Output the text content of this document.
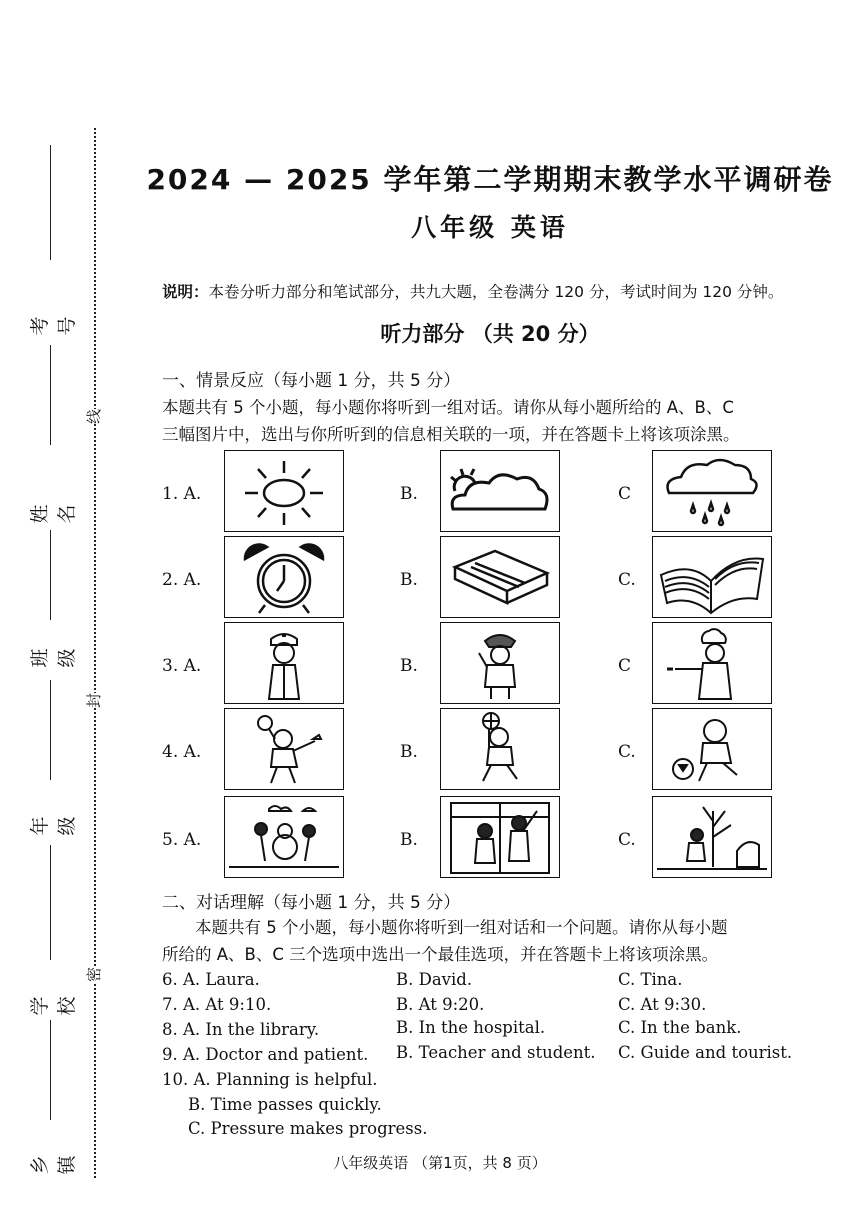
考号
姓名
班级
年级
学校
乡镇
线
封
密
2024 — 2025 学年第二学期期末教学水平调研卷
八年级 英语
说明：本卷分听力部分和笔试部分，共九大题，全卷满分 120 分，考试时间为 120 分钟。
听力部分 （共 20 分）
一、情景反应（每小题 1 分，共 5 分）
本题共有 5 个小题，每小题你将听到一组对话。请你从每小题所给的 A、B、C
三幅图片中，选出与你所听到的信息相关联的一项，并在答题卡上将该项涂黑。
1. A.	B.	C
2. A.	B.	C.
3. A.	B.	C
4. A.	B.	C.
5. A.	B.	C.
二、对话理解（每小题 1 分，共 5 分）
本题共有 5 个小题，每小题你将听到一组对话和一个问题。请你从每小题
所给的 A、B、C 三个选项中选出一个最佳选项，并在答题卡上将该项涂黑。
6. A. Laura.	B. David.	C. Tina.
7. A. At 9:10.	B. At 9:20.	C. At 9:30.
8. A. In the library.	B. In the hospital.	C. In the bank.
9. A. Doctor and patient. B. Teacher and student. C. Guide and tourist.
10. A. Planning is helpful.
B. Time passes quickly.
C. Pressure makes progress.
八年级英语 （第1页，共 8 页）
